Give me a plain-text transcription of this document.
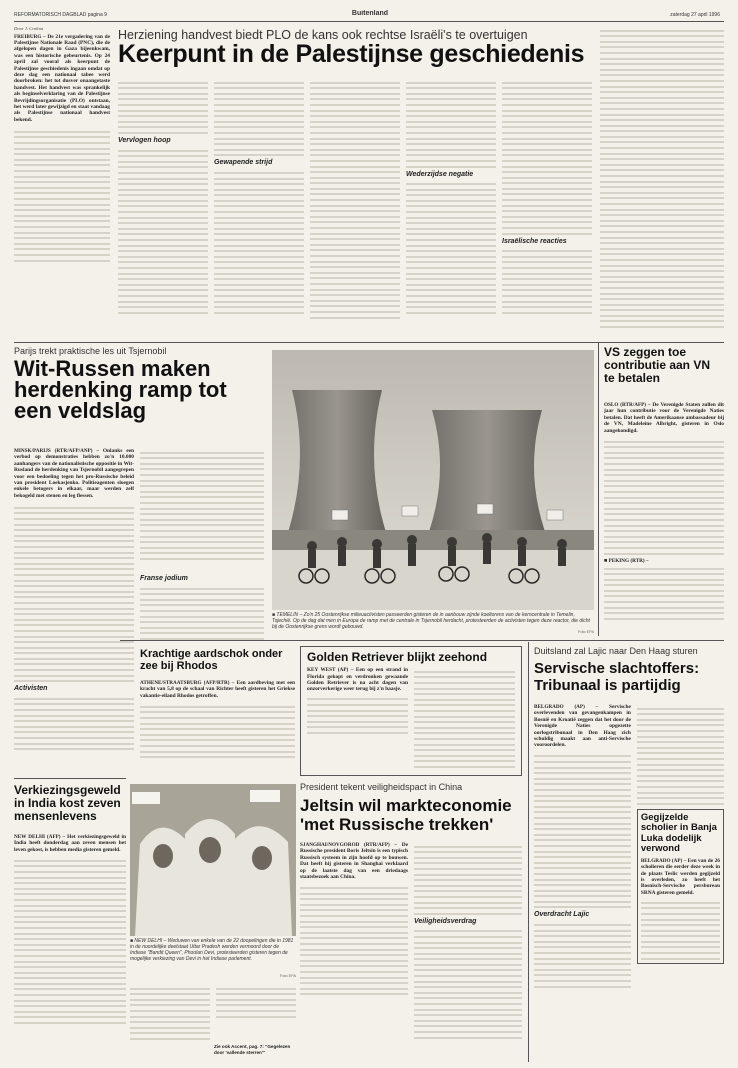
REFORMATORISCH DAGBLAD pagina 9	Buitenland	zaterdag 27 april 1996
Door J. Crolton
FREIBURG – De 21e vergadering van de Palestijnse Nationale Raad (PNC), die de afgelopen dagen in Gaza bijeenkwam, was een historische gebeurtenis. Op 24 april zal vooral als keerpunt de Palestijnse geschiedenis ingaan omdat op deze dag een nationaal tabee werd doorbroken: het tot dusver onaangetaste handvest. Het handvest was sprankelijk als beginselverklaring van de Palestijnse Bevrijdingsorganisatie (PLO) ontstaan, het werd later gewijzigd en staat vandaag als Palestijnse nationaal handvest bekend.
Herziening handvest biedt PLO de kans ook rechtse Israëli's te overtuigen
Keerpunt in de Palestijnse geschiedenis
Vervlogen hoop
Gewapende strijd
Wederzijdse negatie
Israëlische reacties
Parijs trekt praktische les uit Tsjernobil
Wit-Russen maken herdenking ramp tot een veldslag
MINSK/PARIJS (RTR/AFP/ANP) – Onlanks een verbod op demonstraties hebben zo'n 10.000 aanhangers van de nationalistische oppositie in Wit-Rusland de herdenking van Tsjernobil aangegrepen voor een bedoeling tegen het pro-Russische beleid van president Loekasjenko. Politieagenten sloegen enkele betogers in elkaar, maar werden zelf bekogeld met stenen en leg flessen.
Activisten
■ TEMELIN – Zo'n 25 Oostenrijkse milieuactivisten passeerden gisteren de in aanbouw zijnde koeltorens van de kerncentrale in Temelin, Tsjechië. Op de dag dat men in Europa de ramp met de centrale in Tsjernobil herdacht, protesteerden de activisten tegen deze reactor, die dicht bij de Oostenrijkse grens wordt gebouwd.
Foto EPA
Franse jodium
VS zeggen toe contributie aan VN te betalen
OSLO (RTR/AFP) – De Verenigde Staten zullen dit jaar hun contributie voor de Verenigde Naties betalen. Dat heeft de Amerikaanse ambassadeur bij de VN, Madeleine Albright, gisteren in Oslo aangekondigd.
■ PEKING (RTR) –
Krachtige aardschok onder zee bij Rhodos
ATHENE/STRAATSBURG (AFP/RTR) – Een aardbeving met een kracht van 5,8 op de schaal van Richter heeft gisteren het Griekse vakantie-eiland Rhodos getroffen.
Golden Retriever blijkt zeehond
KEY WEST (AP) – Een op een strand in Florida gekopt en verdronken gewaande Golden Retriever is na acht dagen van onzorverkerige weer terug bij z'n baasje.
President tekent veiligheidspact in China
Jeltsin wil markteconomie 'met Russische trekken'
SJANGHAI/NOVGOROD (RTR/AFP) – De Russische president Boris Jeltsin is een typisch Russisch systeem in zijn hoofd op te bouwen. Dat heeft hij gisteren in Shanghai verklaard op de laatste dag van een driedaags staatsbezoek aan China.
Veiligheidsverdrag
Duitsland zal Lajic naar Den Haag sturen
Servische slachtoffers: Tribunaal is partijdig
BELGRADO (AP) – Servische overlevenden van gevangenkampen in Bosnië en Kroatië zeggen dat het door de Verenigde Naties opgezette oorlogstribunaal in Den Haag zich schuldig maakt aan anti-Servische vooroordelen.
Overdracht Lajic
Gegijzelde scholier in Banja Luka dodelijk verwond
BELGRADO (AP) – Een van de 26 scholieren die eerder deze week in de plaats Teslic werden gegijzeld is overleden, zo heeft het Bosnisch-Servische persbureau SRNA gisteren gemeld.
Verkiezingsgeweld in India kost zeven mensenlevens
NEW DELHI (AFP) – Het verkiezingsgeweld in India heeft donderdag aan zeven mensen het leven gekost, is hebben media gisteren gemeld.
■ NEW DELHI – Weduwen van enkele van de 22 doopelingen die in 1981 in de noordelijke deelstaat Uttar Pradesh werden vermoord door de Indiase "Bandit Queen", Phoolan Devi, protesteerden gisteren tegen de mogelijke verkiezing van Devi in het Indiase parlement.
Foto EPA
Zie ook Accent, pag. 7: "Gegelezen door 'vallende sterren'"
